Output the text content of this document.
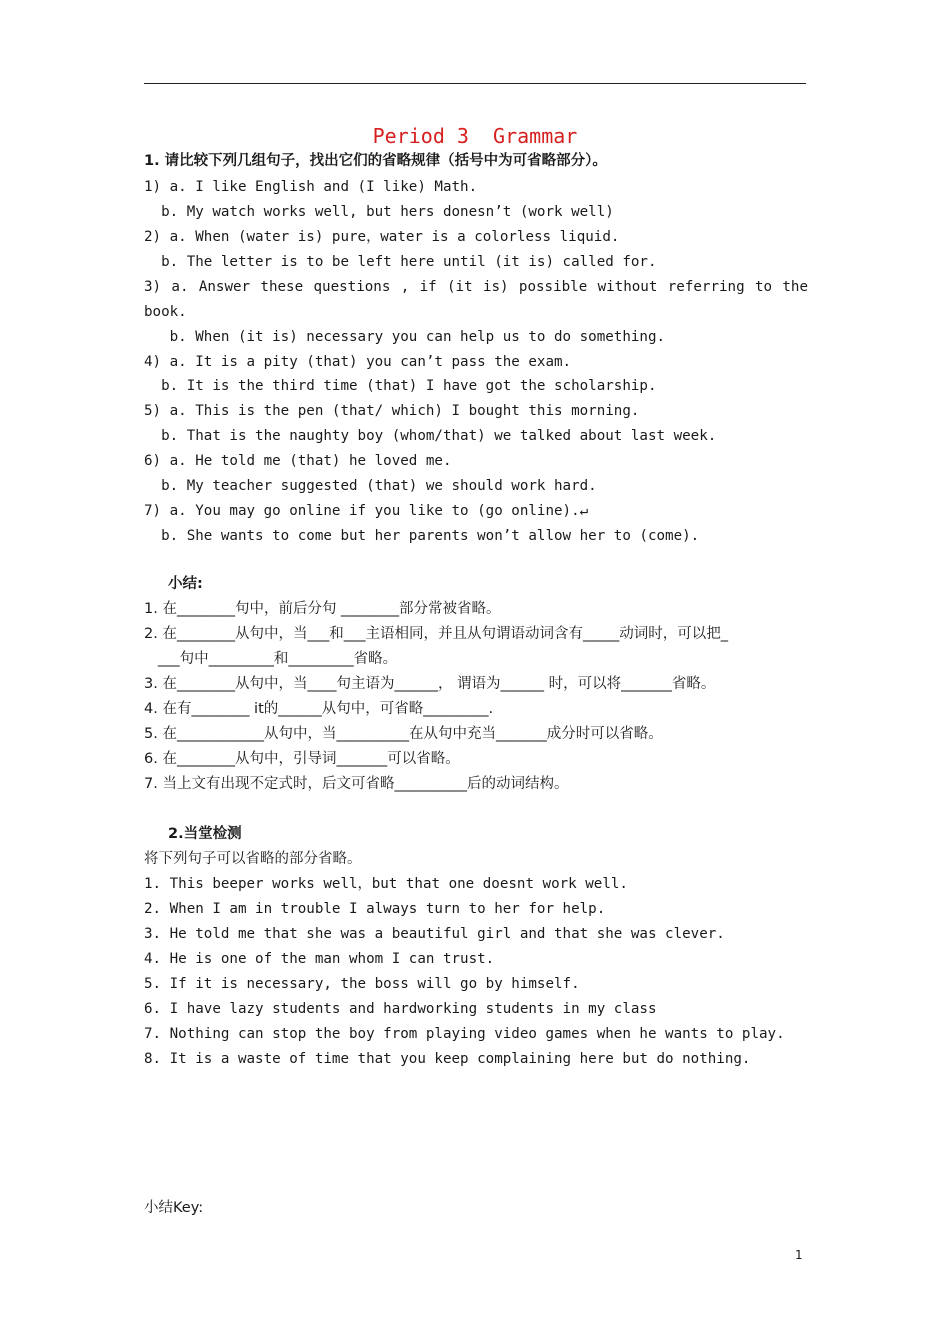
Period 3  Grammar
1. 请比较下列几组句子，找出它们的省略规律（括号中为可省略部分）。
1) a. I like English and (I like) Math.
b. My watch works well, but hers donesn’t (work well)
2) a. When (water is) pure，water is a colorless liquid.
b. The letter is to be left here until (it is) called for.
3) a. Answer these questions , if (it is) possible without referring to the
book.
b. When (it is) necessary you can help us to do something.
4) a. It is a pity (that) you can’t pass the exam.
b. It is the third time (that) I have got the scholarship.
5) a. This is the pen (that/ which) I bought this morning.
b. That is the naughty boy (whom/that) we talked about last week.
6) a. He told me (that) he loved me.
b. My teacher suggested (that) we should work hard.
7) a. You may go online if you like to (go online).↵
b. She wants to come but her parents won’t allow her to (come).
小结:
1. 在________句中，前后分句 ________部分常被省略。
2. 在________从句中，当___和___主语相同，并且从句谓语动词含有_____动词时，可以把_
___句中_________和_________省略。
3. 在________从句中，当____句主语为______， 谓语为______ 时，可以将_______省略。
4. 在有________ it的______从句中，可省略_________.
5. 在____________从句中，当__________在从句中充当_______成分时可以省略。
6. 在________从句中，引导词_______可以省略。
7. 当上文有出现不定式时，后文可省略__________后的动词结构。
2.当堂检测
将下列句子可以省略的部分省略。
1. This beeper works well，but that one doesnt work well.
2. When I am in trouble I always turn to her for help.
3. He told me that she was a beautiful girl and that she was clever.
4. He is one of the man whom I can trust.
5. If it is necessary, the boss will go by himself.
6. I have lazy students and hardworking students in my class
7. Nothing can stop the boy from playing video games when he wants to play.
8. It is a waste of time that you keep complaining here but do nothing.
小结Key:
1
